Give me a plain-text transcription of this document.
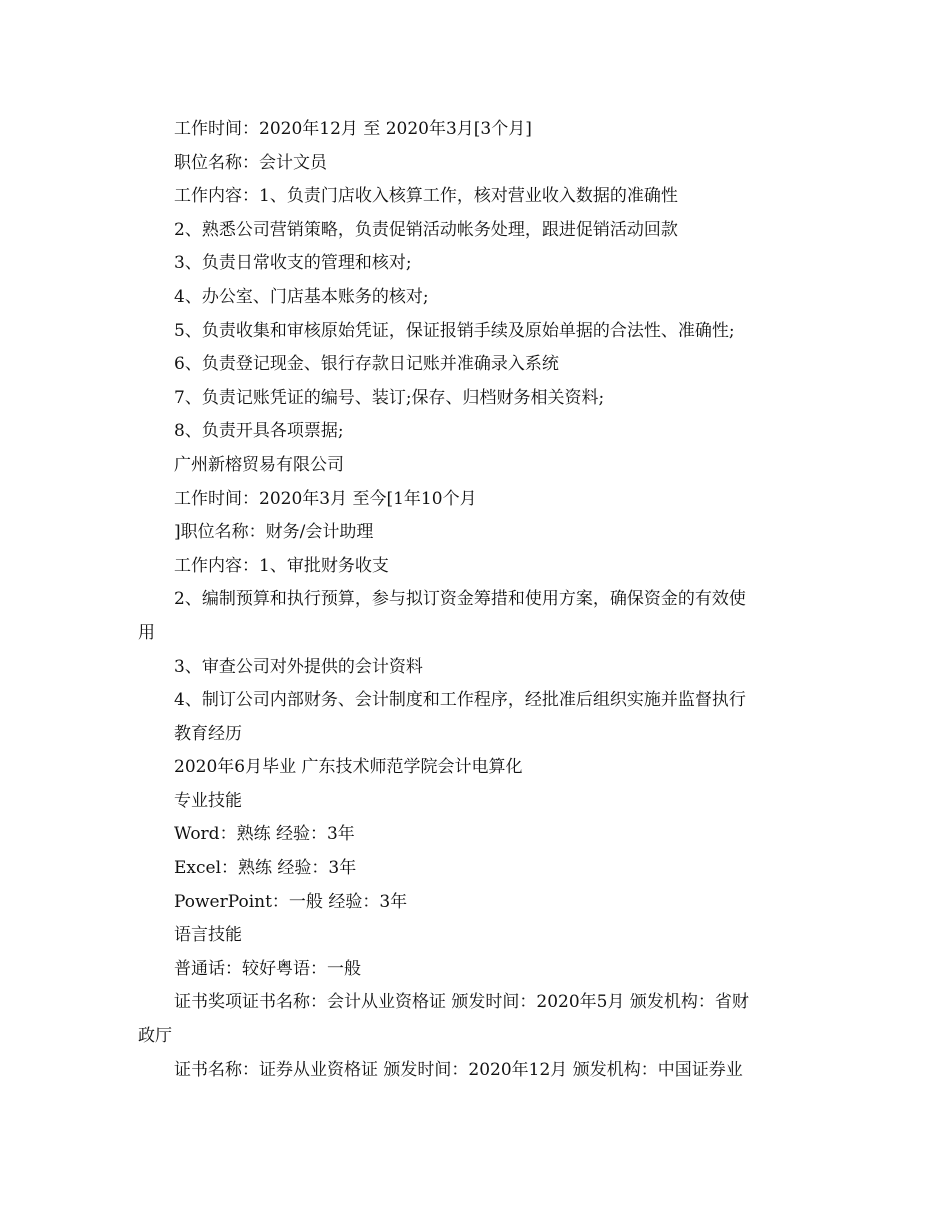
工作时间：2020年12月 至 2020年3月[3个月]
职位名称：会计文员
工作内容：1、负责门店收入核算工作，核对营业收入数据的准确性
2、熟悉公司营销策略，负责促销活动帐务处理，跟进促销活动回款
3、负责日常收支的管理和核对;
4、办公室、门店基本账务的核对;
5、负责收集和审核原始凭证，保证报销手续及原始单据的合法性、准确性;
6、负责登记现金、银行存款日记账并准确录入系统
7、负责记账凭证的编号、装订;保存、归档财务相关资料;
8、负责开具各项票据;
广州新榕贸易有限公司
工作时间：2020年3月 至今[1年10个月
]职位名称：财务/会计助理
工作内容：1、审批财务收支
2、编制预算和执行预算，参与拟订资金筹措和使用方案，确保资金的有效使
用
3、审查公司对外提供的会计资料
4、制订公司内部财务、会计制度和工作程序，经批准后组织实施并监督执行
教育经历
2020年6月毕业 广东技术师范学院会计电算化
专业技能
Word：熟练 经验：3年
Excel：熟练 经验：3年
PowerPoint：一般 经验：3年
语言技能
普通话：较好粤语：一般
证书奖项证书名称：会计从业资格证 颁发时间：2020年5月 颁发机构：省财
政厅
证书名称：证券从业资格证 颁发时间：2020年12月 颁发机构：中国证券业
